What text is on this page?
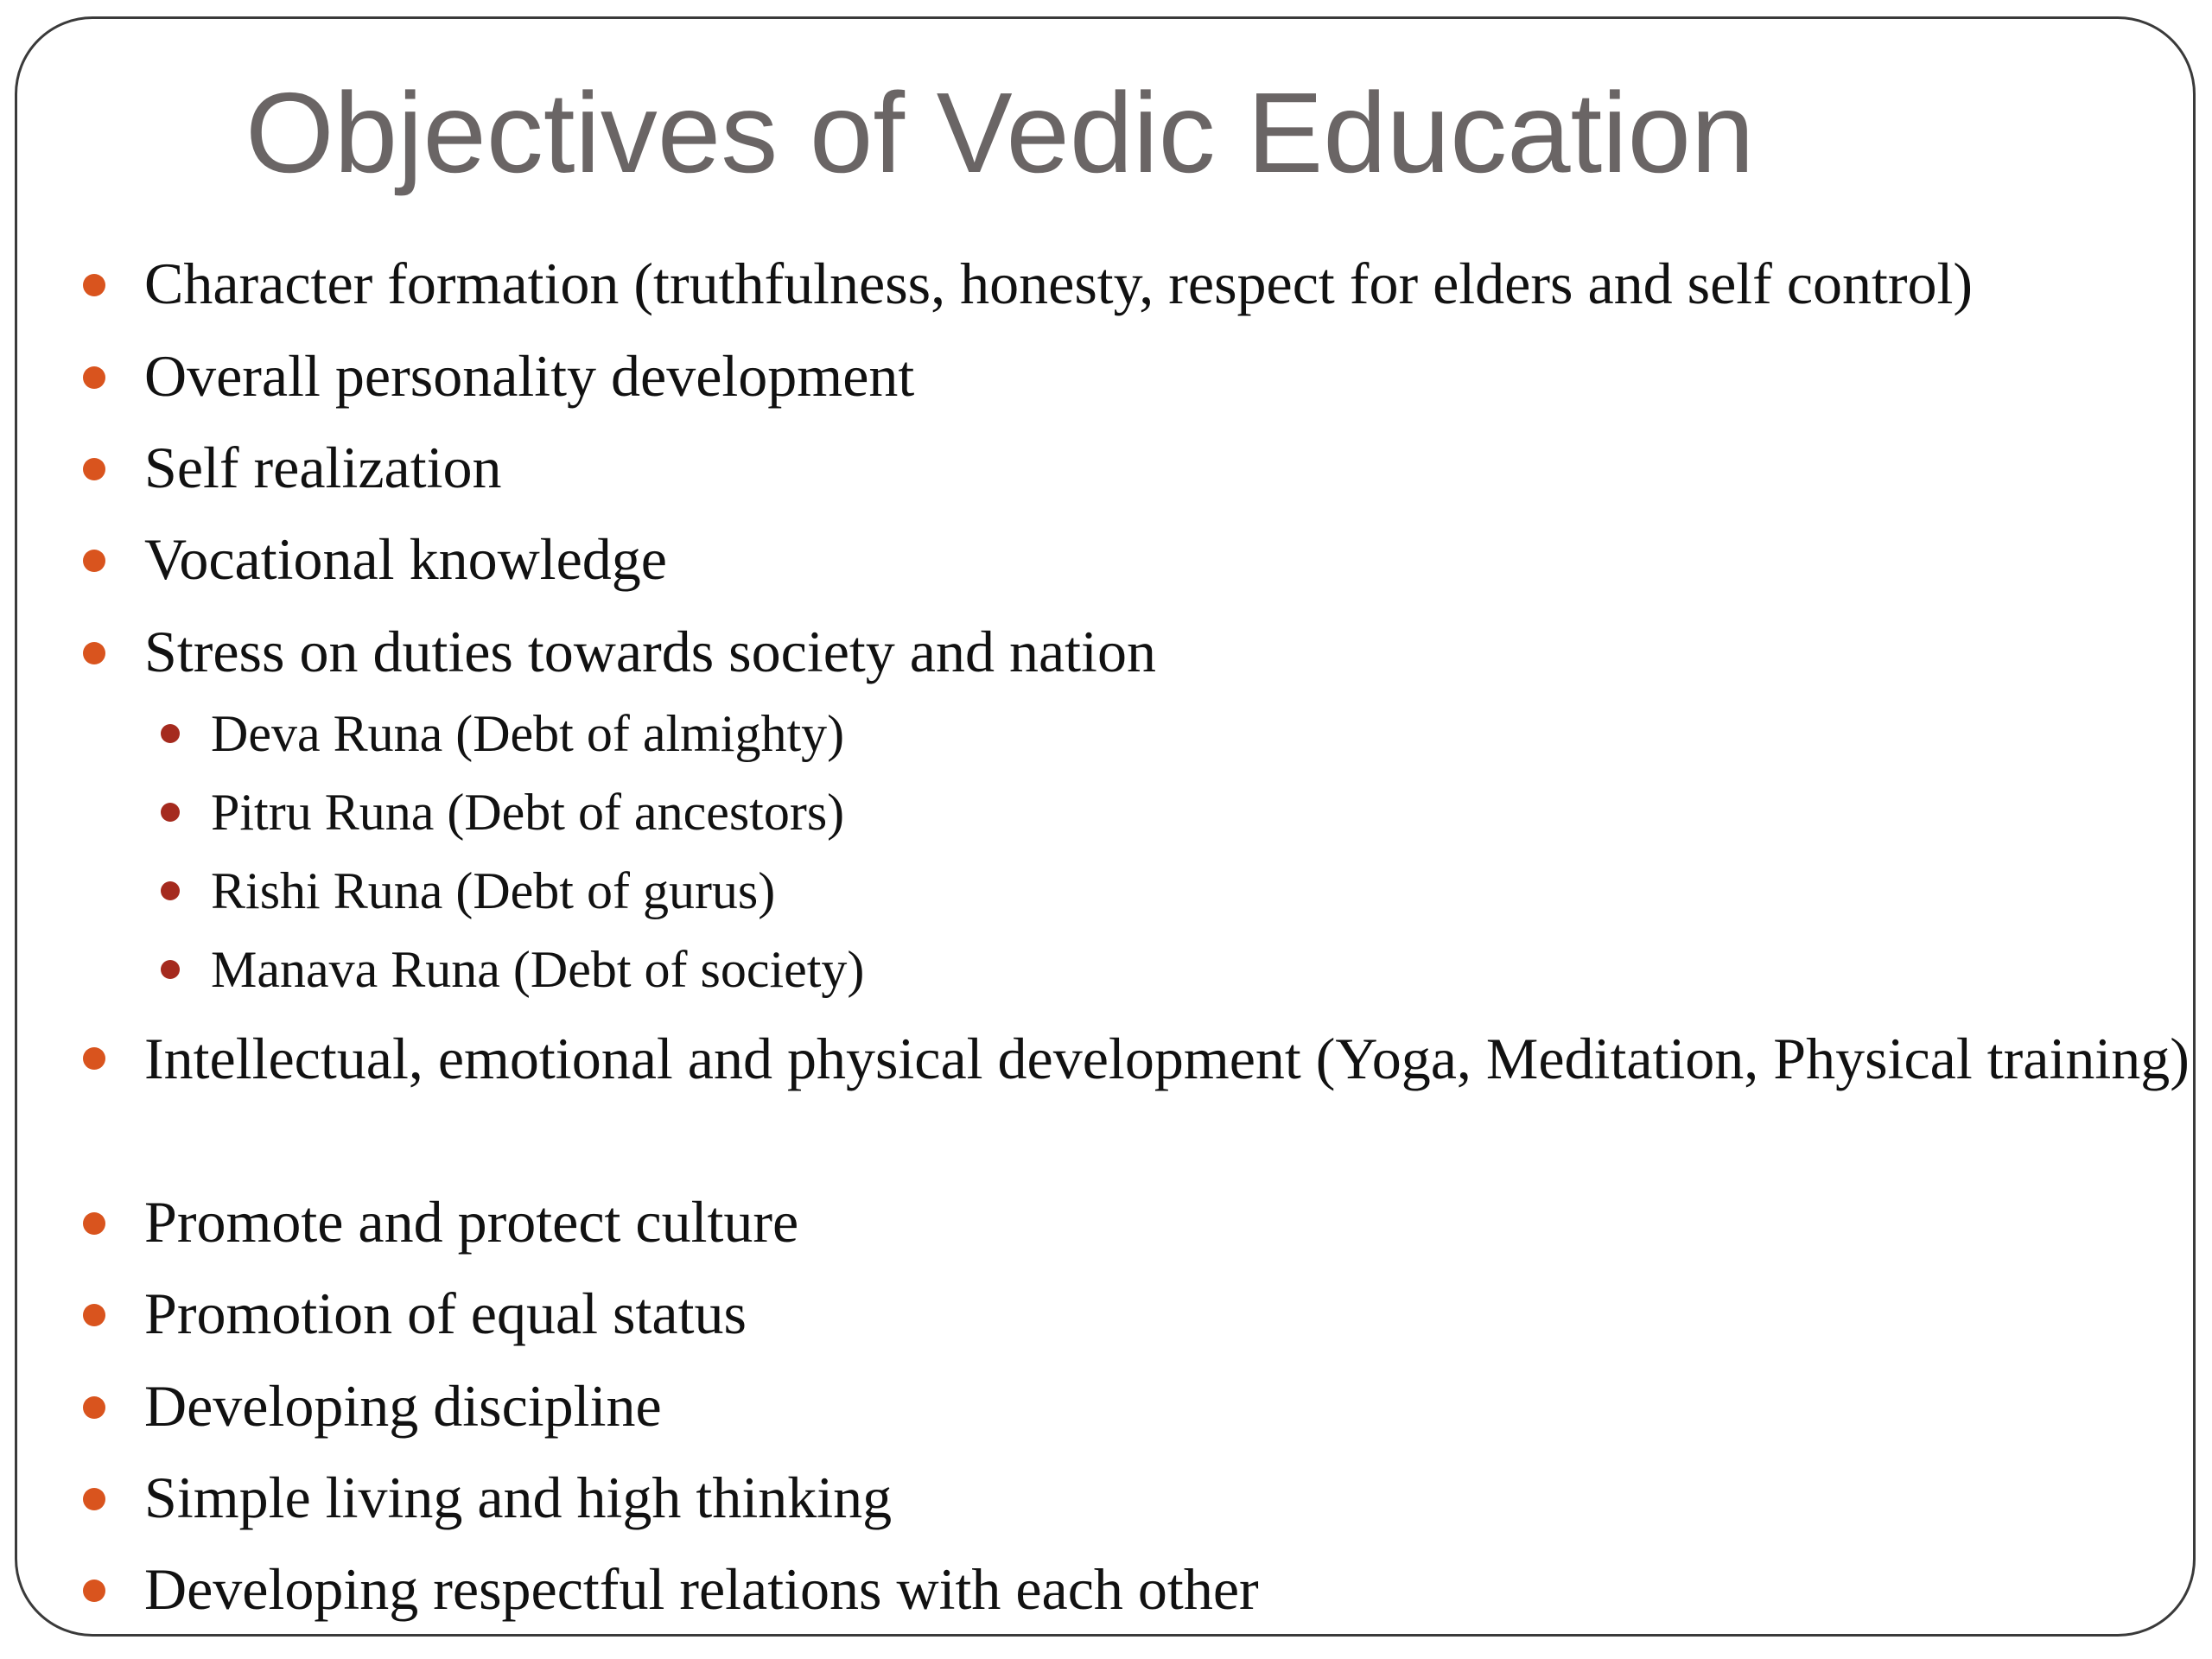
Objectives of Vedic Education
Character formation (truthfulness, honesty, respect for elders and self control)
Overall personality development
Self realization
Vocational knowledge
Stress on duties towards society and nation
Deva Runa (Debt of almighty)
Pitru Runa (Debt of ancestors)
Rishi Runa (Debt of gurus)
Manava Runa (Debt of society)
Intellectual, emotional and physical development (Yoga, Meditation, Physical training)
Promote and protect culture
Promotion of equal status
Developing discipline
Simple living and high thinking
Developing respectful relations with each other
